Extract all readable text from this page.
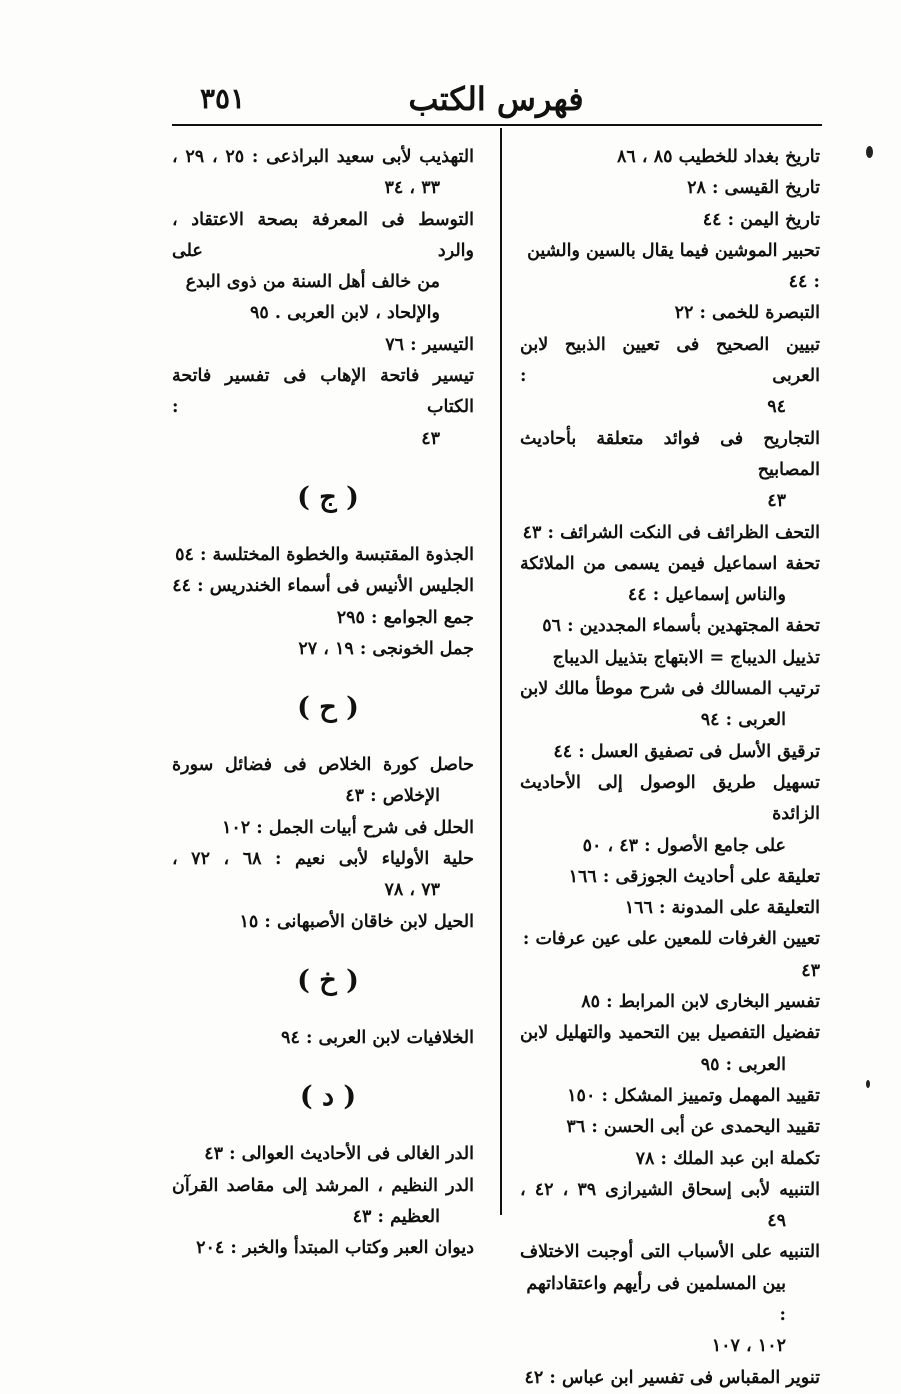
٣٥١	فهرس الكتب
تاريخ بغداد للخطيب ٨٥ ، ٨٦
تاريخ القيسى : ٢٨
تاريخ اليمن : ٤٤
تحبير الموشين فيما يقال بالسين والشين : ٤٤
التبصرة للخمى : ٢٢
تبيين الصحيح فى تعيين الذبيح لابن العربى :
٩٤
التجاريح فى فوائد متعلقة بأحاديث المصابيح
٤٣
التحف الظرائف فى النكت الشرائف : ٤٣
تحفة اسماعيل فيمن يسمى من الملائكة
والناس إسماعيل : ٤٤
تحفة المجتهدين بأسماء المجددين : ٥٦
تذييل الديباج = الابتهاج بتذييل الديباج
ترتيب المسالك فى شرح موطأ مالك لابن
العربى : ٩٤
ترقيق الأسل فى تصفيق العسل : ٤٤
تسهيل طريق الوصول إلى الأحاديث الزائدة
على جامع الأصول : ٤٣ ، ٥٠
تعليقة على أحاديث الجوزقى : ١٦٦
التعليقة على المدونة : ١٦٦
تعيين الغرفات للمعين على عين عرفات : ٤٣
تفسير البخارى لابن المرابط : ٨٥
تفضيل التفصيل بين التحميد والتهليل لابن
العربى : ٩٥
تقييد المهمل وتمييز المشكل : ١٥٠
تقييد اليحمدى عن أبى الحسن : ٣٦
تكملة ابن عبد الملك : ٧٨
التنبيه لأبى إسحاق الشيرازى ٣٩ ، ٤٢ ،
٤٩
التنبيه على الأسباب التى أوجبت الاختلاف
بين المسلمين فى رأيهم واعتقاداتهم :
١٠٢ ، ١٠٧
تنوير المقباس فى تفسير ابن عباس : ٤٢
التهذيب لأبى سعيد البراذعى : ٢٥ ، ٢٩ ،
٣٣ ، ٣٤
التوسط فى المعرفة بصحة الاعتقاد ، والرد على
من خالف أهل السنة من ذوى البدع
والإلحاد ، لابن العربى . ٩٥
التيسير : ٧٦
تيسير فاتحة الإهاب فى تفسير فاتحة الكتاب :
٤٣
( ج )
الجذوة المقتبسة والخطوة المختلسة : ٥٤
الجليس الأنيس فى أسماء الخندريس : ٤٤
جمع الجوامع : ٢٩٥
جمل الخونجى : ١٩ ، ٢٧
( ح )
حاصل كورة الخلاص فى فضائل سورة
الإخلاص : ٤٣
الحلل فى شرح أبيات الجمل : ١٠٢
حلية الأولياء لأبى نعيم : ٦٨ ، ٧٢ ،
٧٣ ، ٧٨
الحيل لابن خاقان الأصبهانى : ١٥
( خ )
الخلافيات لابن العربى : ٩٤
( د )
الدر الغالى فى الأحاديث العوالى : ٤٣
الدر النظيم ، المرشد إلى مقاصد القرآن
العظيم : ٤٣
ديوان العبر وكتاب المبتدأ والخبر : ٢٠٤
